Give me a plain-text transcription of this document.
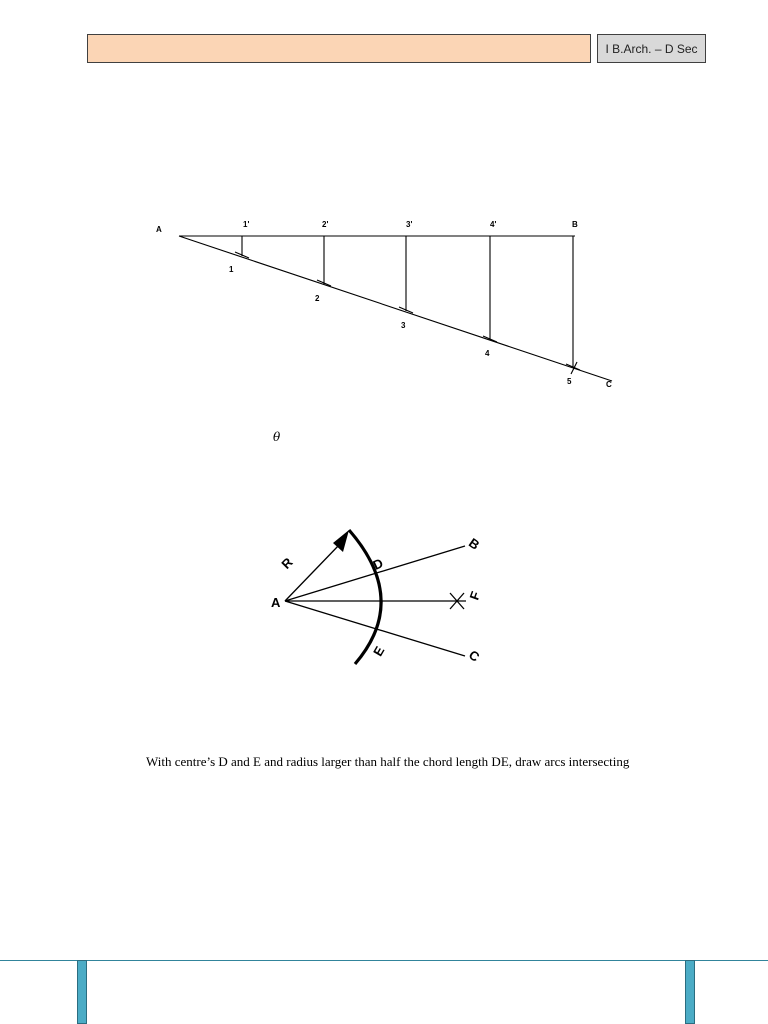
I B.Arch. – D Sec
A
B
C
1'	2'	3'	4'
1
2
3
4
5
θ
A
R	D
E
B
F
C
With centre’s D and E and radius larger than half the chord length DE, draw arcs intersecting
